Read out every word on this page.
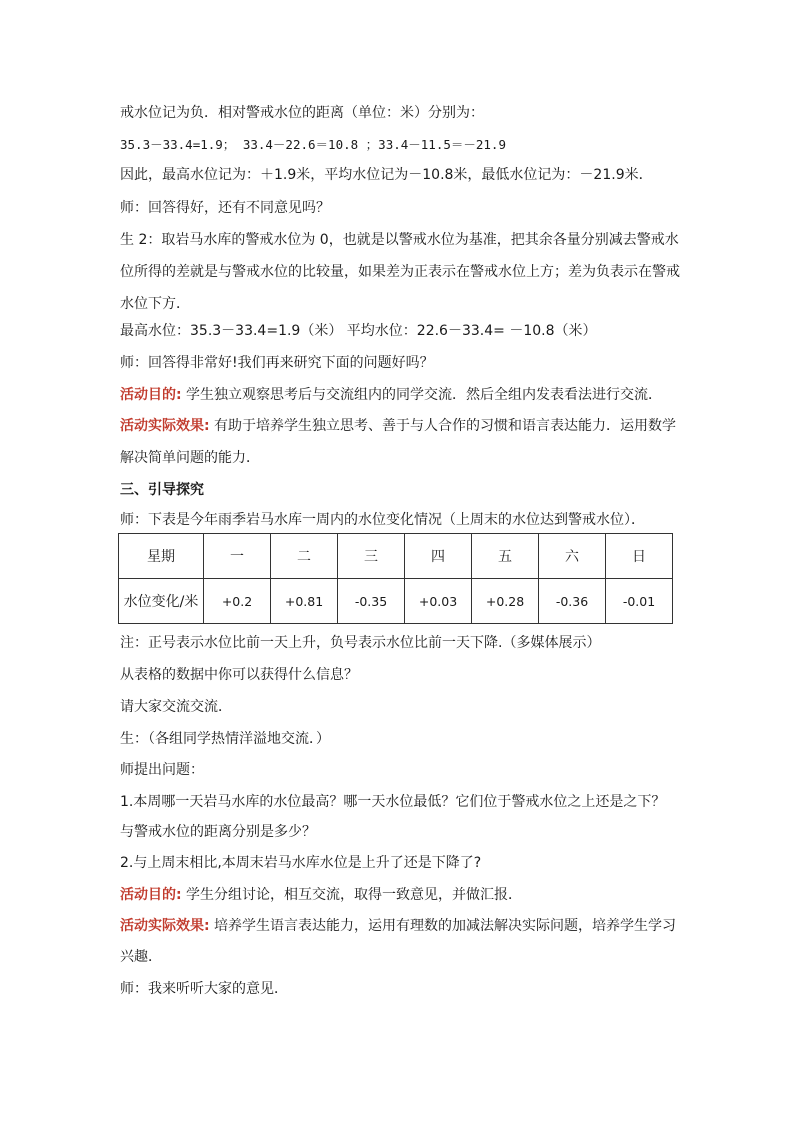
戒水位记为负．相对警戒水位的距离（单位：米）分别为：
35.3－33.4=1.9； 33.4－22.6＝10.8 ；33.4－11.5＝－21.9
因此，最高水位记为：＋1.9米，平均水位记为－10.8米，最低水位记为：－21.9米．
师：回答得好，还有不同意见吗？
生 2：取岩马水库的警戒水位为 0，也就是以警戒水位为基准，把其余各量分别减去警戒水
位所得的差就是与警戒水位的比较量，如果差为正表示在警戒水位上方；差为负表示在警戒
水位下方．
最高水位：35.3－33.4=1.9（米） 平均水位：22.6－33.4= －10.8（米）
师：回答得非常好!我们再来研究下面的问题好吗？
活动目的: 学生独立观察思考后与交流组内的同学交流．然后全组内发表看法进行交流．
活动实际效果: 有助于培养学生独立思考、善于与人合作的习惯和语言表达能力．运用数学
解决简单问题的能力．
三、引导探究
师：下表是今年雨季岩马水库一周内的水位变化情况（上周末的水位达到警戒水位）．
星期	一	二	三	四	五	六	日
水位变化/米	+0.2	+0.81	-0.35	+0.03	+0.28	-0.36	-0.01
注：正号表示水位比前一天上升，负号表示水位比前一天下降.（多媒体展示）
从表格的数据中你可以获得什么信息？
请大家交流交流．
生：（各组同学热情洋溢地交流．）
师提出问题：
1.本周哪一天岩马水库的水位最高？哪一天水位最低？它们位于警戒水位之上还是之下？
与警戒水位的距离分别是多少？
2.与上周末相比,本周末岩马水库水位是上升了还是下降了?
活动目的: 学生分组讨论，相互交流，取得一致意见，并做汇报．
活动实际效果: 培养学生语言表达能力，运用有理数的加减法解决实际问题，培养学生学习
兴趣．
师：我来听听大家的意见．
